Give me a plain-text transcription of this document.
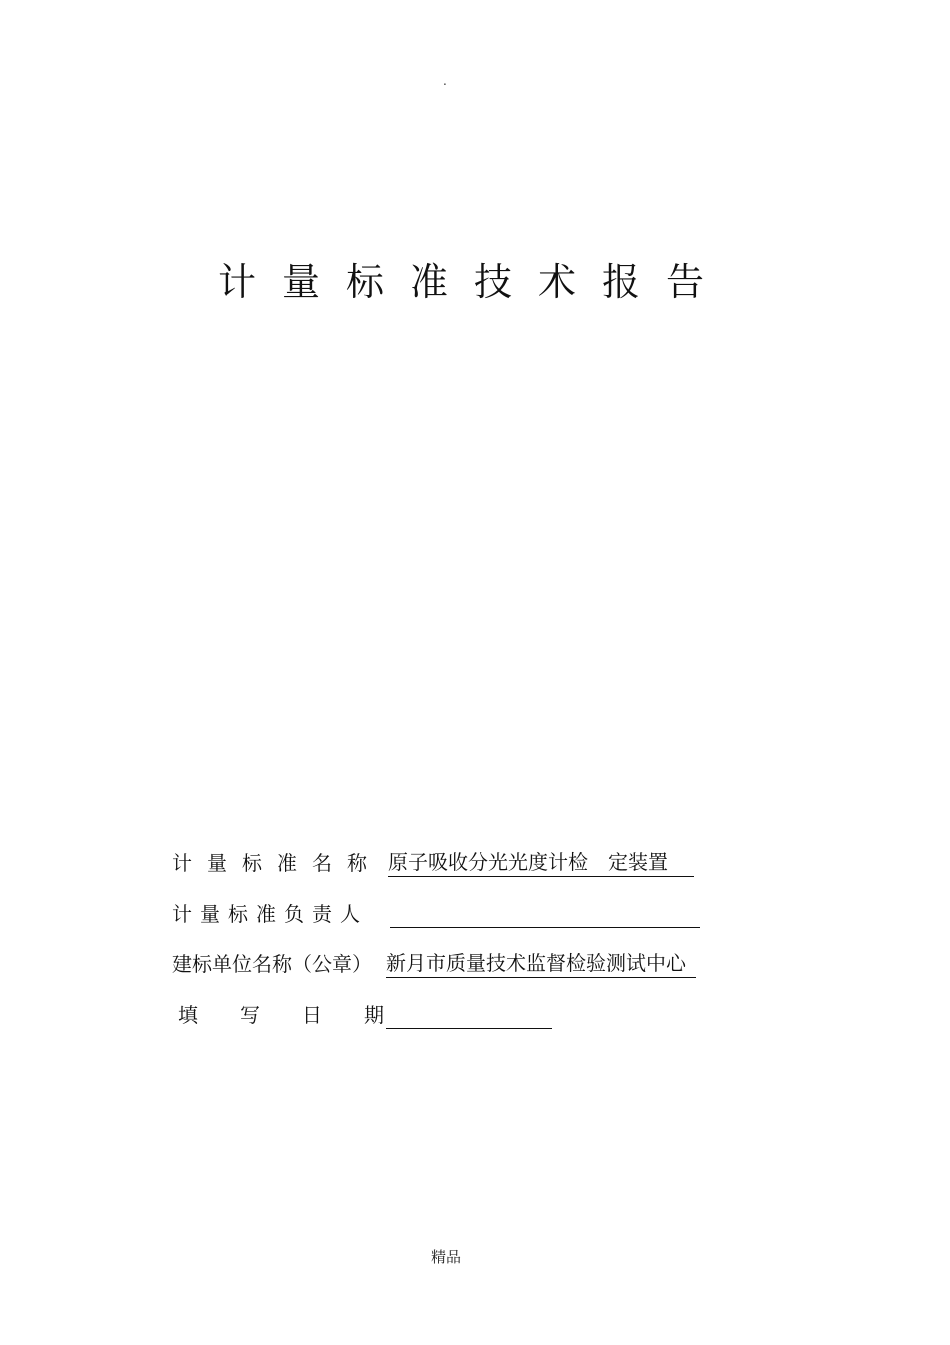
.
计量标准技术报告
计量标准名称 原子吸收分光光度计检　定装置
计量标准负责人
建标单位名称（公章） 新月市质量技术监督检验测试中心
填写日期
精品
